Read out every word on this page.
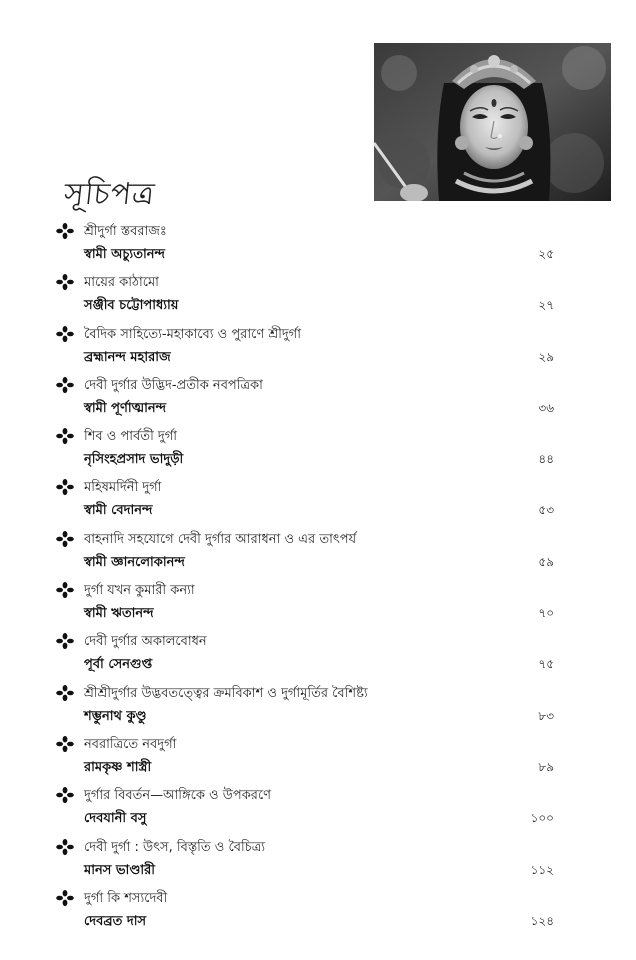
সূচিপত্র
শ্রীদুর্গা স্তবরাজঃ
স্বামী অচ্যুতানন্দ	২৫
মায়ের কাঠামো
সঞ্জীব চট্টোপাধ্যায়	২৭
বৈদিক সাহিত্যে-মহাকাব্যে ও পুরাণে শ্রীদুর্গা
ব্রহ্মানন্দ মহারাজ	২৯
দেবী দুর্গার উদ্ভিদ-প্রতীক নবপত্রিকা
স্বামী পূর্ণাত্মানন্দ	৩৬
শিব ও পার্বতী দুর্গা
নৃসিংহপ্রসাদ ভাদুড়ী	৪৪
মহিষমর্দিনী দুর্গা
স্বামী বেদানন্দ	৫৩
বাহনাদি সহযোগে দেবী দুর্গার আরাধনা ও এর তাৎপর্য
স্বামী জ্ঞানলোকানন্দ	৫৯
দুর্গা যখন কুমারী কন্যা
স্বামী ঋতানন্দ	৭০
দেবী দুর্গার অকালবোধন
পূর্বা সেনগুপ্ত	৭৫
শ্রীশ্রীদুর্গার উদ্ভবতত্ত্বের ক্রমবিকাশ ও দুর্গামূর্তির বৈশিষ্ট্য
শম্ভুনাথ কুণ্ডু	৮৩
নবরাত্রিতে নবদুর্গা
রামকৃষ্ণ শাস্ত্রী	৮৯
দুর্গার বিবর্তন—আঙ্গিকে ও উপকরণে
দেবযানী বসু	১০০
দেবী দুর্গা : উৎস, বিস্তৃতি ও বৈচিত্র্য
মানস ভাণ্ডারী	১১২
দুর্গা কি শস্যদেবী
দেবব্রত দাস	১২৪
